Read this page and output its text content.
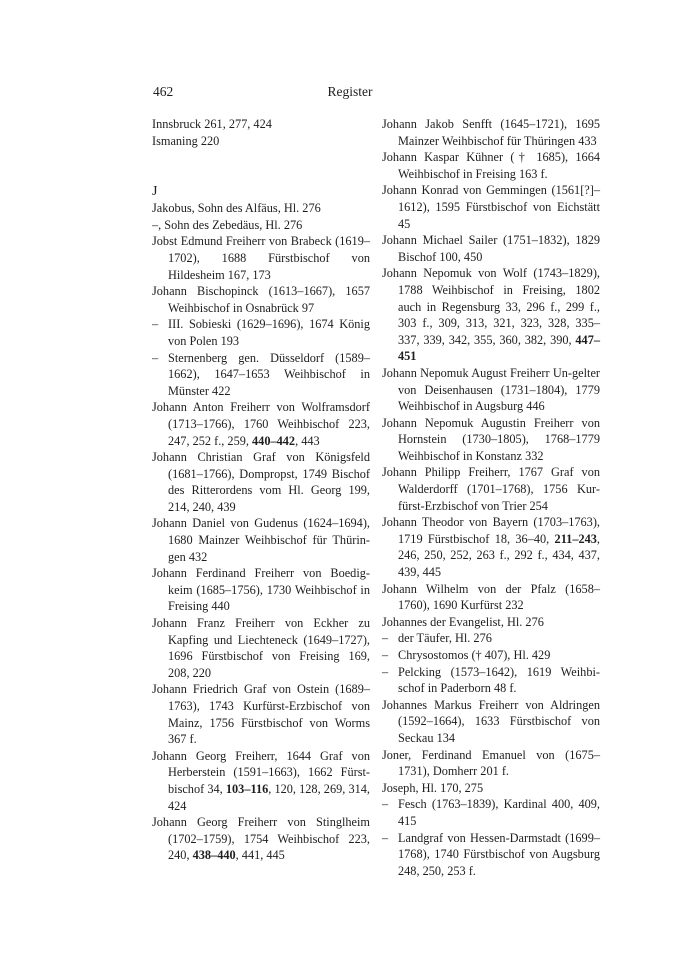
462	Register
Innsbruck 261, 277, 424
Ismaning 220
J
Jakobus, Sohn des Alfäus, Hl. 276
–, Sohn des Zebedäus, Hl. 276
Jobst Edmund Freiherr von Brabeck (1619–1702), 1688 Fürstbischof von Hildesheim 167, 173
Johann Bischopinck (1613–1667), 1657 Weihbischof in Osnabrück 97
– III. Sobieski (1629–1696), 1674 König von Polen 193
– Sternenberg gen. Düsseldorf (1589–1662), 1647–1653 Weihbischof in Münster 422
Johann Anton Freiherr von Wolframsdorf (1713–1766), 1760 Weihbischof 223, 247, 252 f., 259, 440–442, 443
Johann Christian Graf von Königsfeld (1681–1766), Dompropst, 1749 Bischof des Ritterordens vom Hl. Georg 199, 214, 240, 439
Johann Daniel von Gudenus (1624–1694), 1680 Mainzer Weihbischof für Thürin-gen 432
Johann Ferdinand Freiherr von Boedig-keim (1685–1756), 1730 Weihbischof in Freising 440
Johann Franz Freiherr von Eckher zu Kapfing und Liechteneck (1649–1727), 1696 Fürstbischof von Freising 169, 208, 220
Johann Friedrich Graf von Ostein (1689–1763), 1743 Kurfürst-Erzbischof von Mainz, 1756 Fürstbischof von Worms 367 f.
Johann Georg Freiherr, 1644 Graf von Herberstein (1591–1663), 1662 Fürst-bischof 34, 103–116, 120, 128, 269, 314, 424
Johann Georg Freiherr von Stinglheim (1702–1759), 1754 Weihbischof 223, 240, 438–440, 441, 445
Johann Jakob Senfft (1645–1721), 1695 Mainzer Weihbischof für Thüringen 433
Johann Kaspar Kühner († 1685), 1664 Weihbischof in Freising 163 f.
Johann Konrad von Gemmingen (1561[?]–1612), 1595 Fürstbischof von Eichstätt 45
Johann Michael Sailer (1751–1832), 1829 Bischof 100, 450
Johann Nepomuk von Wolf (1743–1829), 1788 Weihbischof in Freising, 1802 auch in Regensburg 33, 296 f., 299 f., 303 f., 309, 313, 321, 323, 328, 335–337, 339, 342, 355, 360, 382, 390, 447–451
Johann Nepomuk August Freiherr Un-gelter von Deisenhausen (1731–1804), 1779 Weihbischof in Augsburg 446
Johann Nepomuk Augustin Freiherr von Hornstein (1730–1805), 1768–1779 Weihbischof in Konstanz 332
Johann Philipp Freiherr, 1767 Graf von Walderdorff (1701–1768), 1756 Kur-fürst-Erzbischof von Trier 254
Johann Theodor von Bayern (1703–1763), 1719 Fürstbischof 18, 36–40, 211–243, 246, 250, 252, 263 f., 292 f., 434, 437, 439, 445
Johann Wilhelm von der Pfalz (1658–1760), 1690 Kurfürst 232
Johannes der Evangelist, Hl. 276
– der Täufer, Hl. 276
– Chrysostomos († 407), Hl. 429
– Pelcking (1573–1642), 1619 Weihbi-schof in Paderborn 48 f.
Johannes Markus Freiherr von Aldringen (1592–1664), 1633 Fürstbischof von Seckau 134
Joner, Ferdinand Emanuel von (1675–1731), Domherr 201 f.
Joseph, Hl. 170, 275
– Fesch (1763–1839), Kardinal 400, 409, 415
– Landgraf von Hessen-Darmstadt (1699–1768), 1740 Fürstbischof von Augsburg 248, 250, 253 f.
